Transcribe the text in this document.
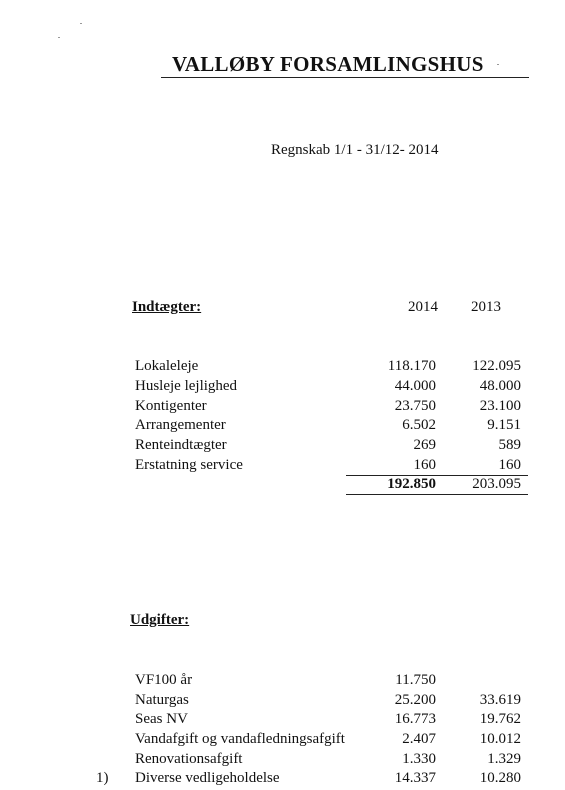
VALLØBY FORSAMLINGSHUS
Regnskab 1/1 - 31/12- 2014
Indtægter:	2014	2013
Lokaleleje	118.170	122.095
Husleje lejlighed	44.000	48.000
Kontigenter	23.750	23.100
Arrangementer	6.502	9.151
Renteindtægter	269	589
Erstatning service	160	160
192.850	203.095
Udgifter:
VF100 år	11.750
Naturgas	25.200	33.619
Seas NV	16.773	19.762
Vandafgift og vandafledningsafgift	2.407	10.012
Renovationsafgift	1.330	1.329
1) Diverse vedligeholdelse	14.337	10.280
